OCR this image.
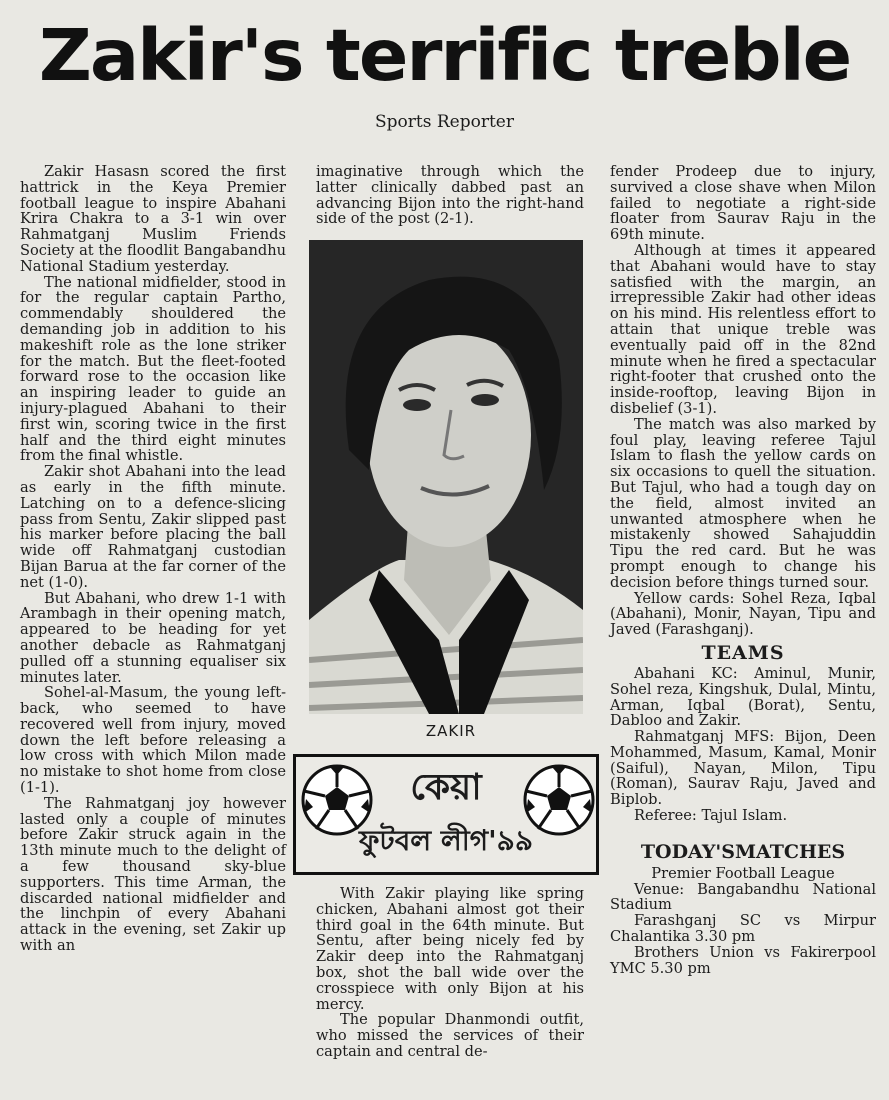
Zakir's terrific treble
Sports Reporter

Zakir Hasasn scored the first hattrick in the Keya Premier football league to inspire Abahani Krira Chakra to a 3-1 win over Rahmatganj Muslim Friends Society at the floodlit Bangabandhu National Stadium yesterday.

The national midfielder, stood in for the regular captain Partho, commendably shouldered the demanding job in addition to his makeshift role as the lone striker for the match. But the fleet-footed forward rose to the occasion like an inspiring leader to guide an injury-plagued Abahani to their first win, scoring twice in the first half and the third eight minutes from the final whistle.

Zakir shot Abahani into the lead as early in the fifth minute. Latching on to a defence-slicing pass from Sentu, Zakir slipped past his marker before placing the ball wide off Rahmatganj custodian Bijan Barua at the far corner of the net (1-0).

But Abahani, who drew 1-1 with Arambagh in their opening match, appeared to be heading for yet another debacle as Rahmatganj pulled off a stunning equaliser six minutes later.

Sohel-al-Masum, the young left-back, who seemed to have recovered well from injury, moved down the left before releasing a low cross with which Milon made no mistake to shot home from close (1-1).

The Rahmatganj joy however lasted only a couple of minutes before Zakir struck again in the 13th minute much to the delight of a few thousand sky-blue supporters. This time Arman, the discarded national midfielder and the linchpin of every Abahani attack in the evening, set Zakir up with an

imaginative through which the latter clinically dabbed past an advancing Bijon into the right-hand side of the post (2-1).

ZAKIR
কেয়া
ফুটবল লীগ'৯৯

With Zakir playing like spring chicken, Abahani almost got their third goal in the 64th minute. But Sentu, after being nicely fed by Zakir deep into the Rahmatganj box, shot the ball wide over the crosspiece with only Bijon at his mercy.

The popular Dhanmondi outfit, who missed the services of their captain and central de-

fender Prodeep due to injury, survived a close shave when Milon failed to negotiate a right-side floater from Saurav Raju in the 69th minute.

Although at times it appeared that Abahani would have to stay satisfied with the margin, an irrepressible Zakir had other ideas on his mind. His relentless effort to attain that unique treble was eventually paid off in the 82nd minute when he fired a spectacular right-footer that crushed onto the inside-rooftop, leaving Bijon in disbelief (3-1).

The match was also marked by foul play, leaving referee Tajul Islam to flash the yellow cards on six occasions to quell the situation. But Tajul, who had a tough day on the field, almost invited an unwanted atmosphere when he mistakenly showed Sahajuddin Tipu the red card. But he was prompt enough to change his decision before things turned sour.

Yellow cards: Sohel Reza, Iqbal (Abahani), Monir, Nayan, Tipu and Javed (Farashganj).

TEAMS

Abahani KC: Aminul, Munir, Sohel reza, Kingshuk, Dulal, Mintu, Arman, Iqbal (Borat), Sentu, Dabloo and Zakir.

Rahmatganj MFS: Bijon, Deen Mohammed, Masum, Kamal, Monir (Saiful), Nayan, Milon, Tipu (Roman), Saurav Raju, Javed and Biplob.

Referee: Tajul Islam.

TODAY'SMATCHES

Premier Football League

Venue: Bangabandhu National Stadium

Farashganj SC vs Mirpur Chalantika 3.30 pm

Brothers Union vs Fakirerpool YMC 5.30 pm
